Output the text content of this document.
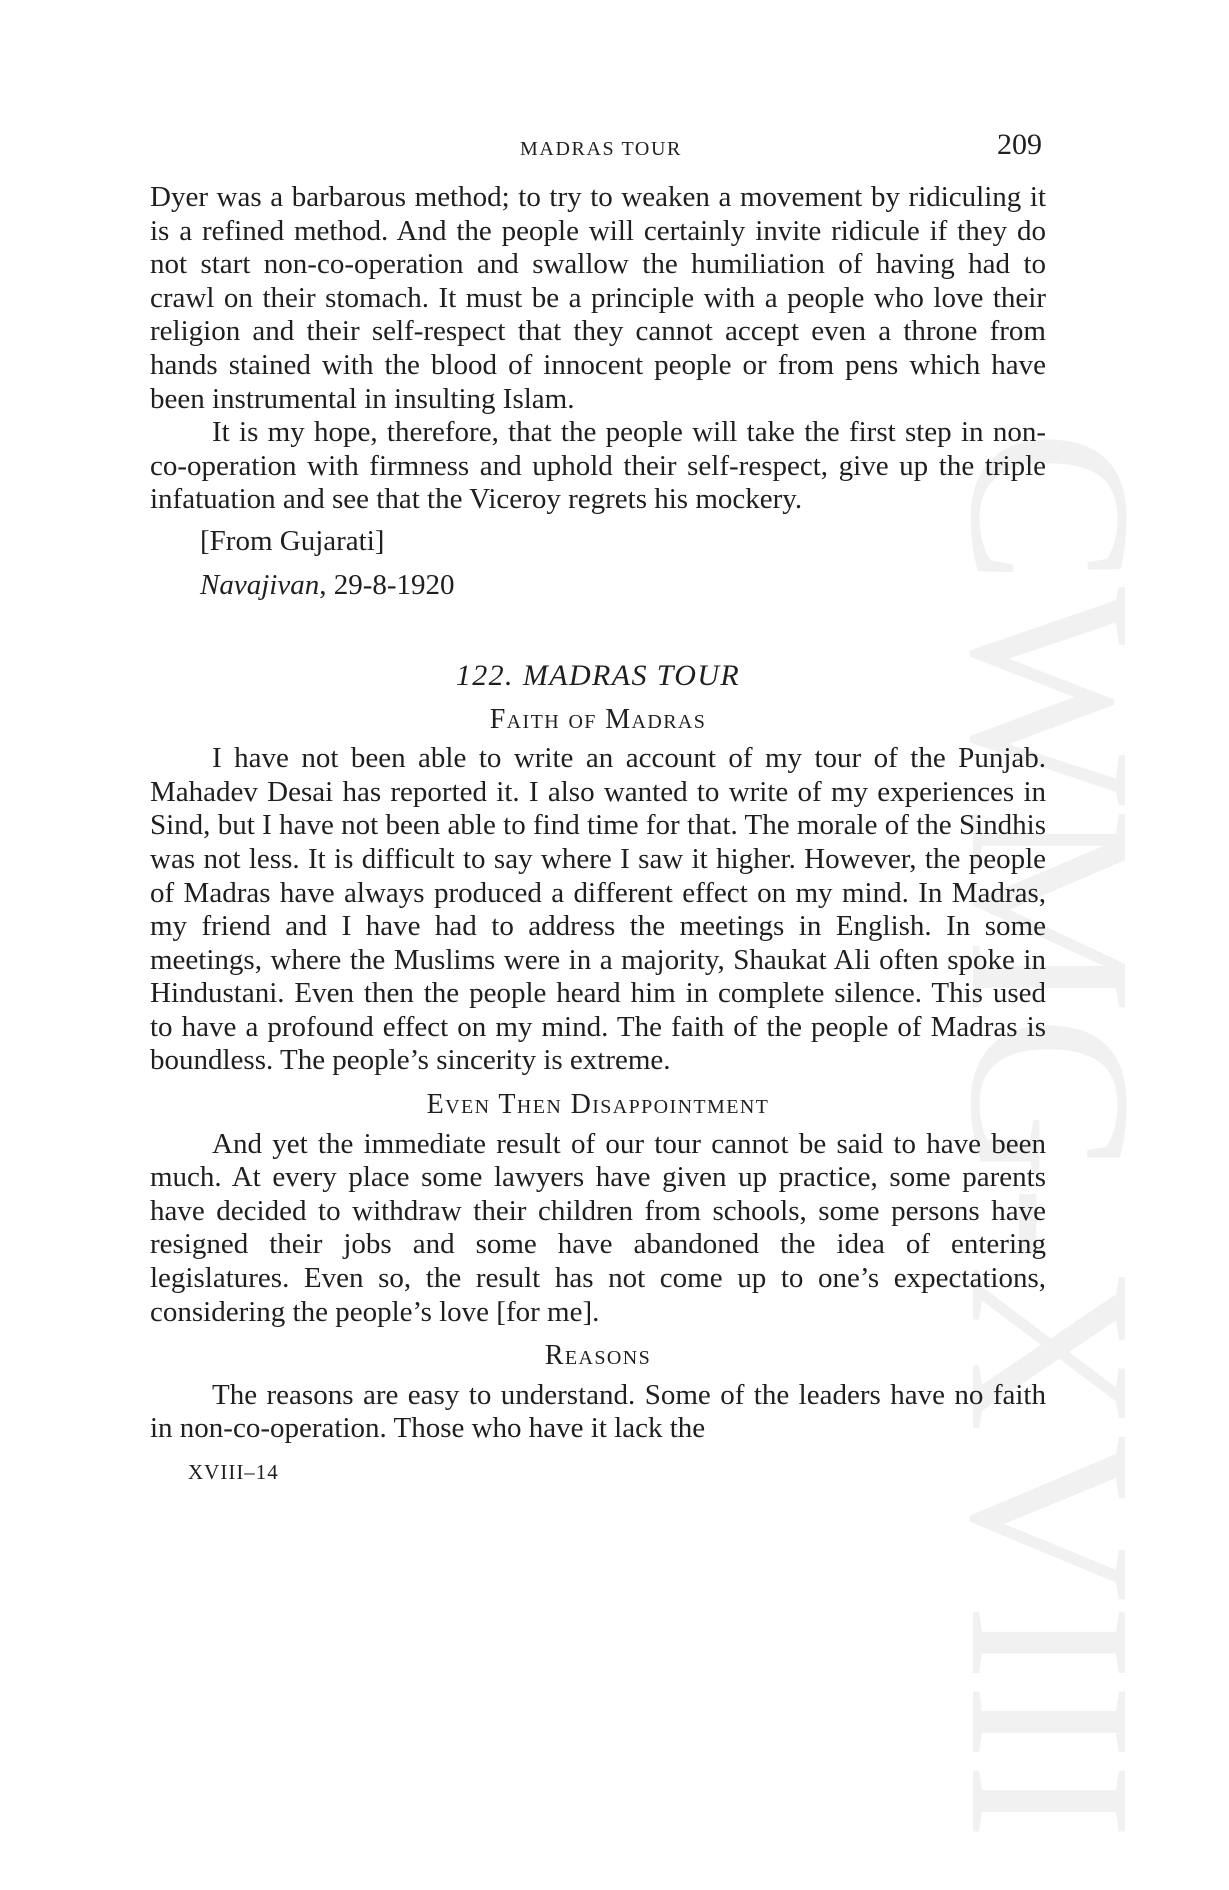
CWMG-XVIII
MADRAS TOUR	209

Dyer was a barbarous method; to try to weaken a movement by ridiculing it is a refined method. And the people will certainly invite ridicule if they do not start non-co-operation and swallow the humiliation of having had to crawl on their stomach. It must be a principle with a people who love their religion and their self-respect that they cannot accept even a throne from hands stained with the blood of innocent people or from pens which have been instrumental in insulting Islam.

It is my hope, therefore, that the people will take the first step in non-co-operation with firmness and uphold their self-respect, give up the triple infatuation and see that the Viceroy regrets his mockery.

[From Gujarati]
Navajivan, 29-8-1920
122. MADRAS TOUR
Faith of Madras

I have not been able to write an account of my tour of the Punjab. Mahadev Desai has reported it. I also wanted to write of my experiences in Sind, but I have not been able to find time for that. The morale of the Sindhis was not less. It is difficult to say where I saw it higher. However, the people of Madras have always produced a different effect on my mind. In Madras, my friend and I have had to address the meetings in English. In some meetings, where the Muslims were in a majority, Shaukat Ali often spoke in Hindustani. Even then the people heard him in complete silence. This used to have a profound effect on my mind. The faith of the people of Madras is boundless. The people’s sincerity is extreme.

Even Then Disappointment

And yet the immediate result of our tour cannot be said to have been much. At every place some lawyers have given up practice, some parents have decided to withdraw their children from schools, some persons have resigned their jobs and some have abandoned the idea of entering legislatures. Even so, the result has not come up to one’s expectations, considering the people’s love [for me].

Reasons

The reasons are easy to understand. Some of the leaders have no faith in non-co-operation. Those who have it lack the

XVIII–14
